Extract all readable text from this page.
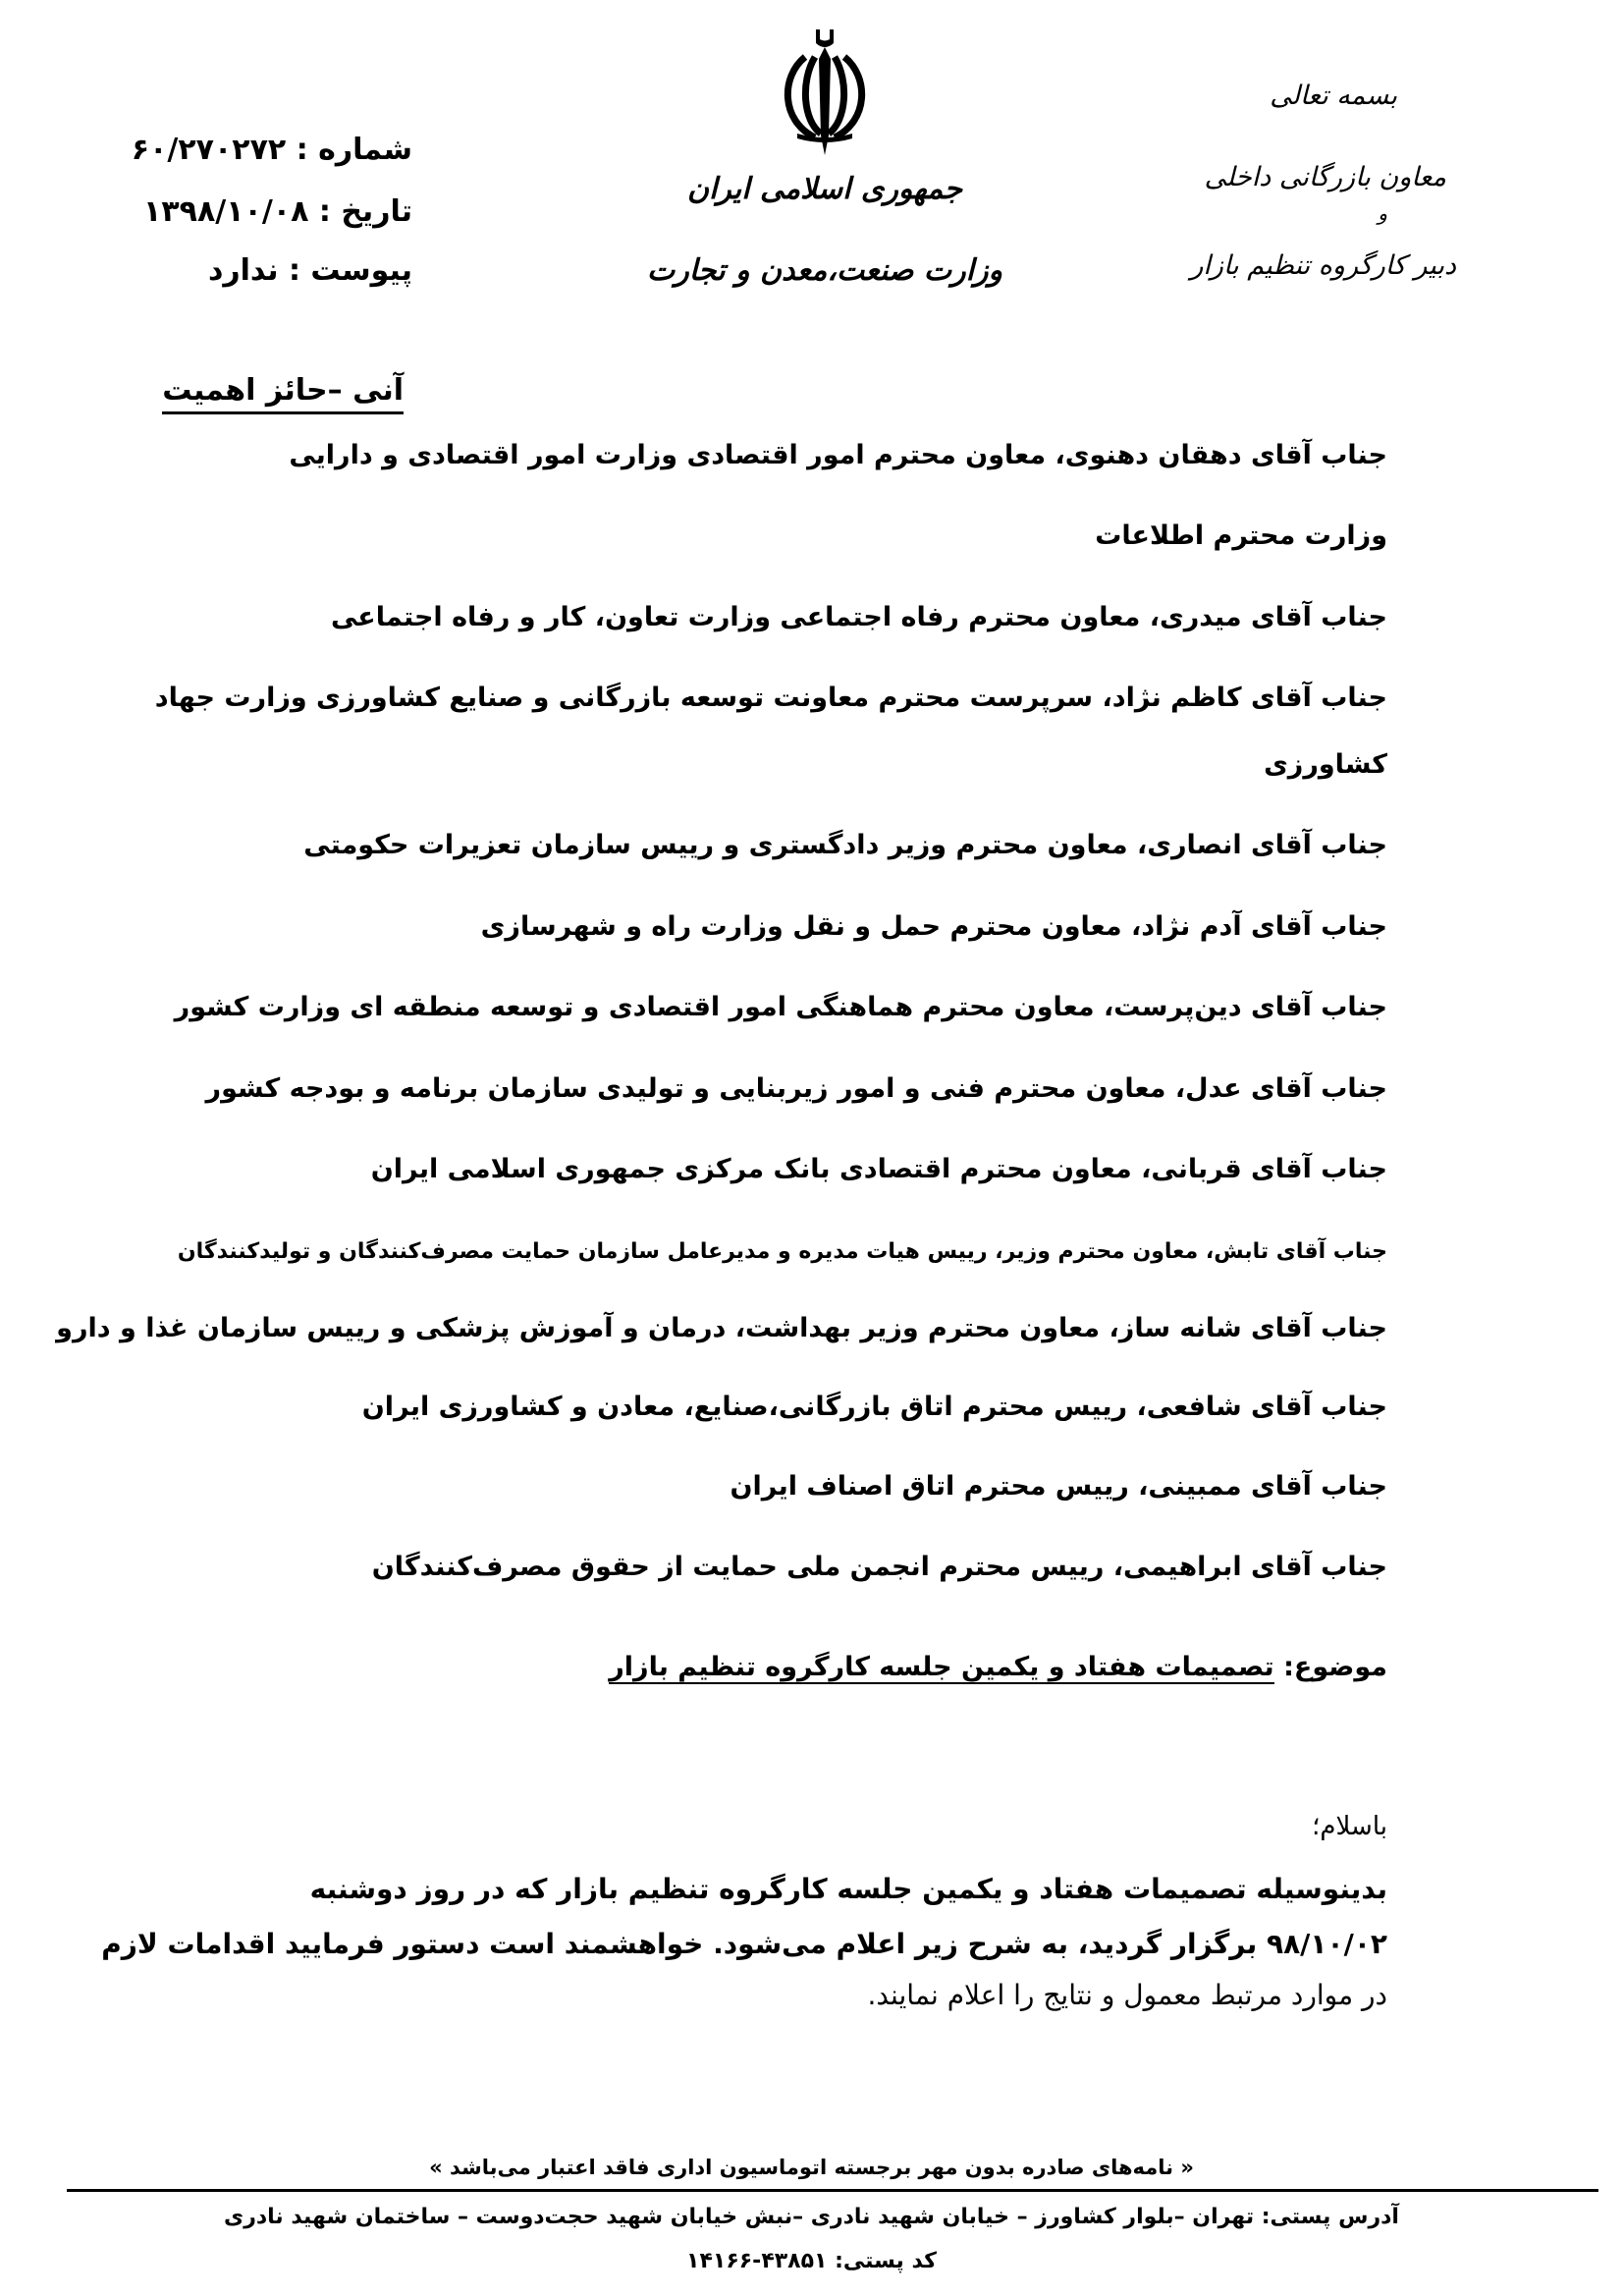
شماره : ۶۰/۲۷۰۲۷۲
تاریخ : ۱۳۹۸/۱۰/۰۸
پیوست : ندارد
جمهوری اسلامی ایران
وزارت صنعت،معدن و تجارت
بسمه تعالی
معاون بازرگانی داخلی
و
دبیر کارگروه تنظیم بازار
آنی –حائز اهمیت
جناب آقای دهقان دهنوی، معاون محترم امور اقتصادی وزارت امور اقتصادی و دارایی
وزارت محترم اطلاعات
جناب آقای میدری، معاون محترم رفاه اجتماعی وزارت تعاون، کار و رفاه اجتماعی
جناب آقای کاظم نژاد، سرپرست محترم معاونت توسعه بازرگانی و صنایع کشاورزی وزارت جهاد
کشاورزی
جناب آقای انصاری، معاون محترم وزیر دادگستری و رییس سازمان تعزیرات حکومتی
جناب آقای آدم نژاد، معاون محترم حمل و نقل وزارت راه و شهرسازی
جناب آقای دین‌پرست، معاون محترم هماهنگی امور اقتصادی و توسعه منطقه ای وزارت کشور
جناب آقای عدل، معاون محترم فنی و امور زیربنایی و تولیدی سازمان برنامه و بودجه کشور
جناب آقای قربانی، معاون محترم اقتصادی بانک مرکزی جمهوری اسلامی ایران
جناب آقای تابش، معاون محترم وزیر، رییس هیات مدیره و مدیرعامل سازمان حمایت مصرف‌کنندگان و تولیدکنندگان
جناب آقای شانه ساز، معاون محترم وزیر بهداشت، درمان و آموزش پزشکی و رییس سازمان غذا و دارو
جناب آقای شافعی، رییس محترم اتاق بازرگانی،صنایع، معادن و کشاورزی ایران
جناب آقای ممبینی، رییس محترم اتاق اصناف ایران
جناب آقای ابراهیمی، رییس محترم انجمن ملی حمایت از حقوق مصرف‌کنندگان
موضوع: تصمیمات هفتاد و یکمین جلسه کارگروه تنظیم بازار
باسلام؛
بدینوسیله تصمیمات هفتاد و یکمین جلسه کارگروه تنظیم بازار که در روز دوشنبه
۹۸/۱۰/۰۲ برگزار گردید، به شرح زیر اعلام می‌شود. خواهشمند است دستور فرمایید اقدامات لازم
در موارد مرتبط معمول و نتایج را اعلام نمایند.
« نامه‌های صادره بدون مهر برجسته اتوماسیون اداری فاقد اعتبار می‌باشد »
آدرس پستی: تهران –بلوار کشاورز – خیابان شهید نادری –نبش خیابان شهید حجت‌دوست – ساختمان شهید نادری
کد پستی: ۴۳۸۵۱-۱۴۱۶۶
